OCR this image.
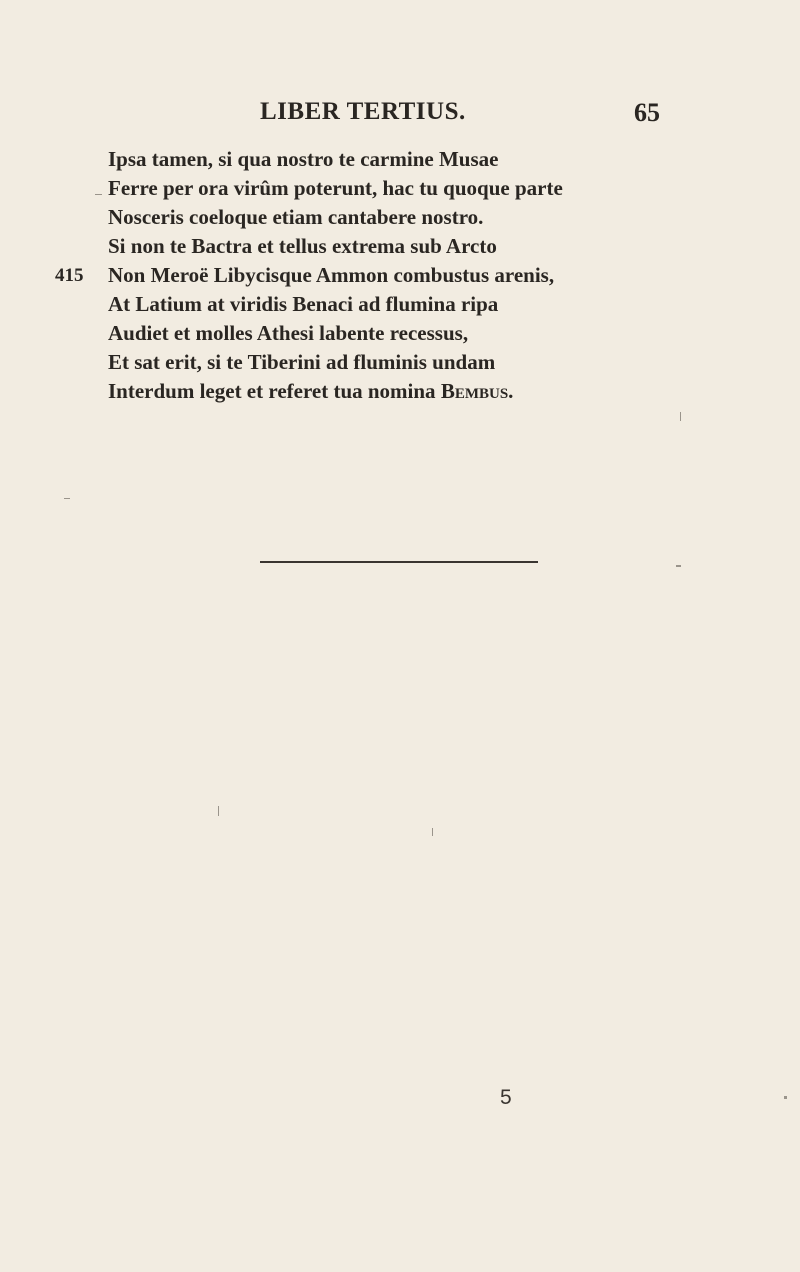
LIBER TERTIUS.	65
Ipsa tamen, si qua nostro te carmine Musae
Ferre per ora virûm poterunt, hac tu quoque parte
Nosceris coeloque etiam cantabere nostro.
Si non te Bactra et tellus extrema sub Arcto
415 Non Meroë Libycisque Ammon combustus arenis,
At Latium at viridis Benaci ad flumina ripa
Audiet et molles Athesi labente recessus,
Et sat erit, si te Tiberini ad fluminis undam
Interdum leget et referet tua nomina Bembus.
5
